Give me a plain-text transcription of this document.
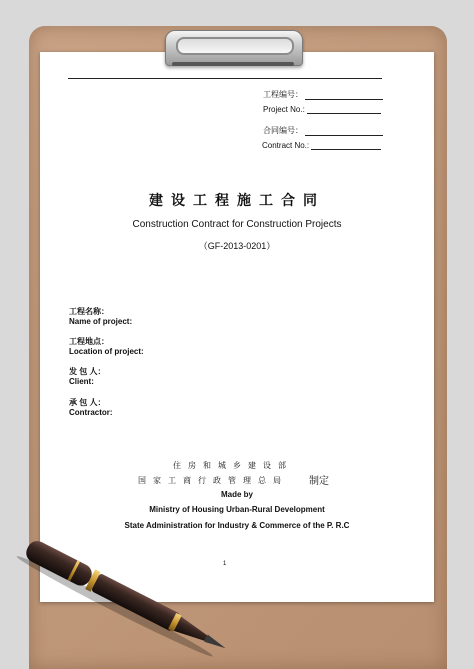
工程编号：
Project No.:
合同编号：
Contract No.:
建设工程施工合同
Construction Contract for Construction Projects
（GF-2013-0201）
工程名称：
Name of project:
工程地点：
Location of project:
发 包 人：
Client:
承 包 人：
Contractor:
住房和城乡建设部
国家工商行政管理总局 制定
Made by
Ministry of Housing Urban-Rural Development
State Administration for Industry & Commerce of the P. R.C
1
